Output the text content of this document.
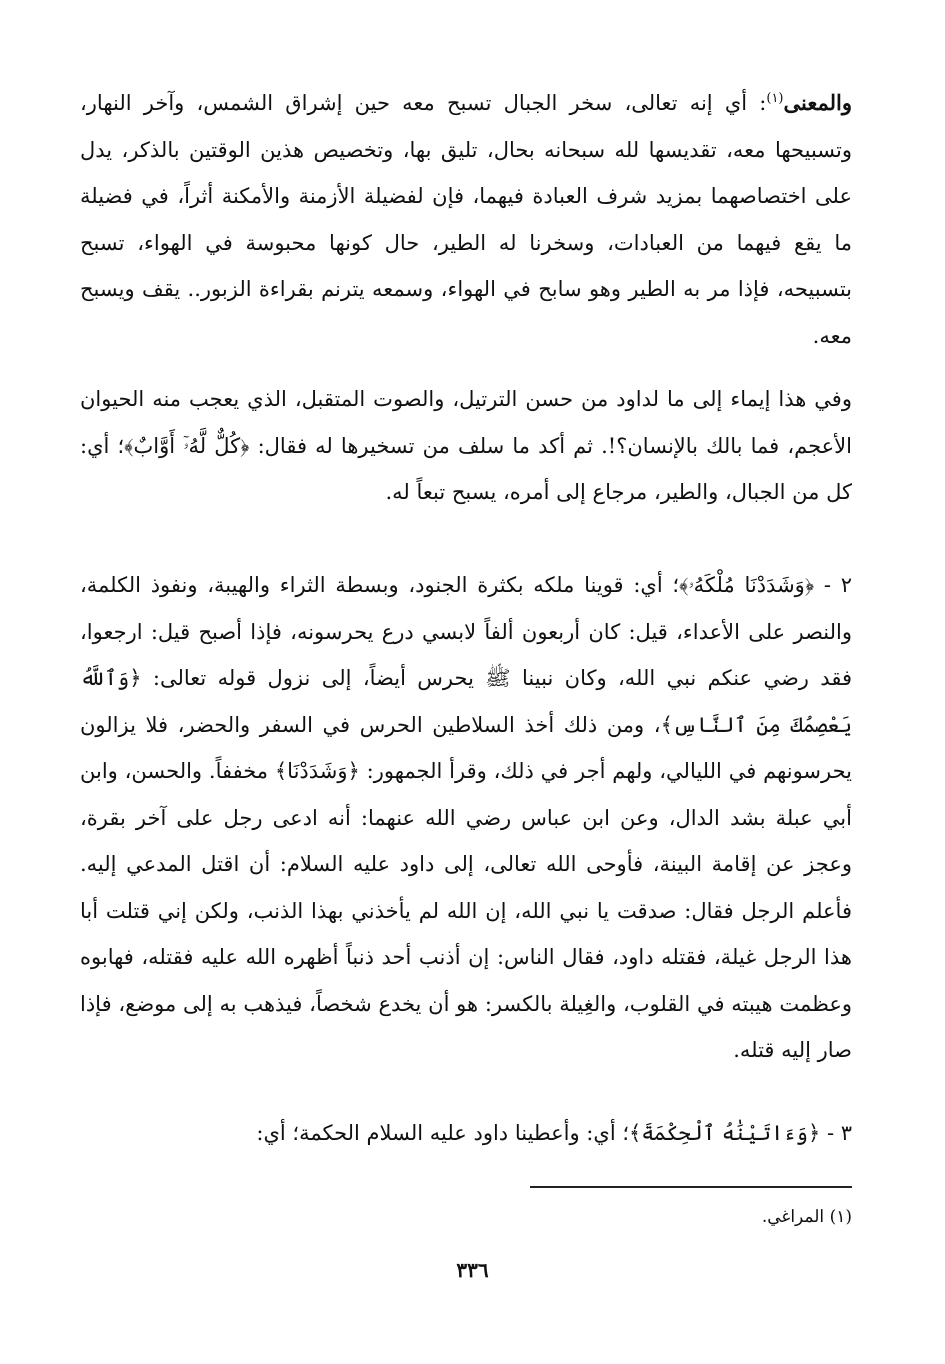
والمعنى$^{(١)}$: أي إنه تعالى، سخر الجبال تسبح معه حين إشراق الشمس، وآخر النهار، وتسبيحها معه، تقديسها لله سبحانه بحال، تليق بها، وتخصيص هذين الوقتين بالذكر، يدل على اختصاصهما بمزيد شرف العبادة فيهما، فإن لفضيلة الأزمنة والأمكنة أثراً، في فضيلة ما يقع فيهما من العبادات، وسخرنا له الطير، حال كونها محبوسة في الهواء، تسبح بتسبيحه، فإذا مر به الطير وهو سابح في الهواء، وسمعه يترنم بقراءة الزبور.. يقف ويسبح معه.

وفي هذا إيماء إلى ما لداود من حسن الترتيل، والصوت المتقبل، الذي يعجب منه الحيوان الأعجم، فما بالك بالإنسان؟!. ثم أكد ما سلف من تسخيرها له فقال: ﴿كُلٌّ لَّهُۥٓ أَوَّابٌ﴾؛ أي: كل من الجبال، والطير، مرجاع إلى أمره، يسبح تبعاً له.

٢ - ﴿وَشَدَدْنَا مُلْكَهُۥ﴾؛ أي: قوينا ملكه بكثرة الجنود، وبسطة الثراء والهيبة، ونفوذ الكلمة، والنصر على الأعداء، قيل: كان أربعون ألفاً لابسي درع يحرسونه، فإذا أصبح قيل: ارجعوا، فقد رضي عنكم نبي الله، وكان نبينا ﷺ يحرس أيضاً، إلى نزول قوله تعالى: ﴿وَٱللَّهُ يَعْصِمُكَ مِنَ ٱلنَّاسِ﴾، ومن ذلك أخذ السلاطين الحرس في السفر والحضر، فلا يزالون يحرسونهم في الليالي، ولهم أجر في ذلك، وقرأ الجمهور: ﴿وَشَدَدْنَا﴾ مخففاً. والحسن، وابن أبي عبلة بشد الدال، وعن ابن عباس رضي الله عنهما: أنه ادعى رجل على آخر بقرة، وعجز عن إقامة البينة، فأوحى الله تعالى، إلى داود عليه السلام: أن اقتل المدعي إليه. فأعلم الرجل فقال: صدقت يا نبي الله، إن الله لم يأخذني بهذا الذنب، ولكن إني قتلت أبا هذا الرجل غيلة، فقتله داود، فقال الناس: إن أذنب أحد ذنباً أظهره الله عليه فقتله، فهابوه وعظمت هيبته في القلوب، والغِيلة بالكسر: هو أن يخدع شخصاً، فيذهب به إلى موضع، فإذا صار إليه قتله.

٣ - ﴿وَءَاتَيْنَٰهُ ٱلْحِكْمَةَ﴾؛ أي: وأعطينا داود عليه السلام الحكمة؛ أي:

(١) المراغي.
٣٣٦
